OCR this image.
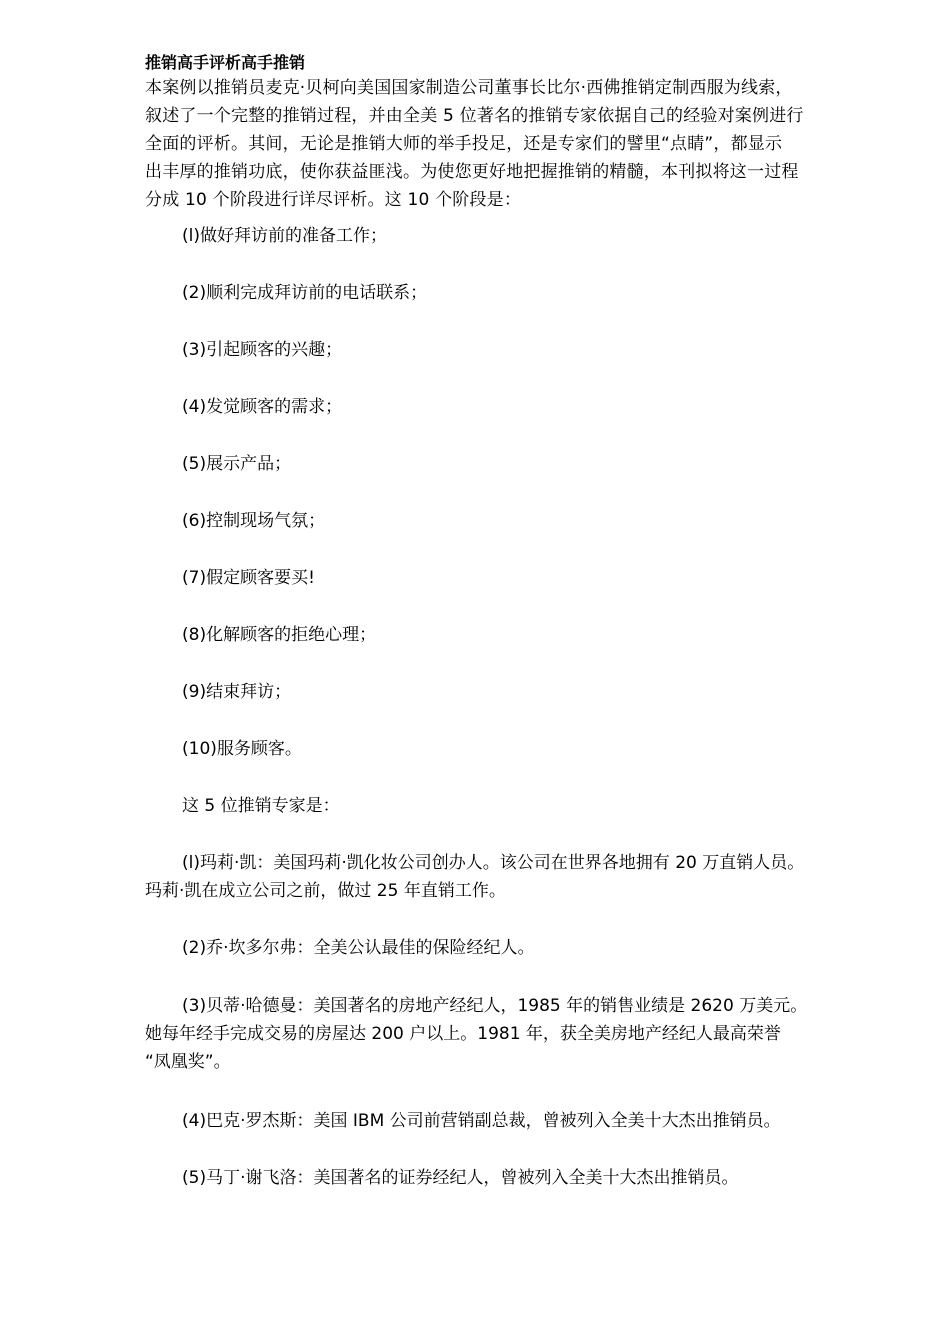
推销高手评析高手推销
本案例以推销员麦克·贝柯向美国国家制造公司董事长比尔·西佛推销定制西服为线索，
叙述了一个完整的推销过程，并由全美 5 位著名的推销专家依据自己的经验对案例进行
全面的评析。其间，无论是推销大师的举手投足，还是专家们的譬里“点睛”，都显示
出丰厚的推销功底，使你获益匪浅。为使您更好地把握推销的精髓，本刊拟将这一过程
分成 10 个阶段进行详尽评析。这 10 个阶段是：
(l)做好拜访前的准备工作；
(2)顺利完成拜访前的电话联系；
(3)引起顾客的兴趣；
(4)发觉顾客的需求；
(5)展示产品；
(6)控制现场气氛；
(7)假定顾客要买!
(8)化解顾客的拒绝心理；
(9)结束拜访；
(10)服务顾客。
这 5 位推销专家是：
(l)玛莉·凯：美国玛莉·凯化妆公司创办人。该公司在世界各地拥有 20 万直销人员。
玛莉·凯在成立公司之前，做过 25 年直销工作。
(2)乔·坎多尔弗：全美公认最佳的保险经纪人。
(3)贝蒂·哈德曼：美国著名的房地产经纪人，1985 年的销售业绩是 2620 万美元。
她每年经手完成交易的房屋达 200 户以上。1981 年，获全美房地产经纪人最高荣誉
“凤凰奖”。
(4)巴克·罗杰斯：美国 IBM 公司前营销副总裁，曾被列入全美十大杰出推销员。
(5)马丁·谢飞洛：美国著名的证券经纪人，曾被列入全美十大杰出推销员。
